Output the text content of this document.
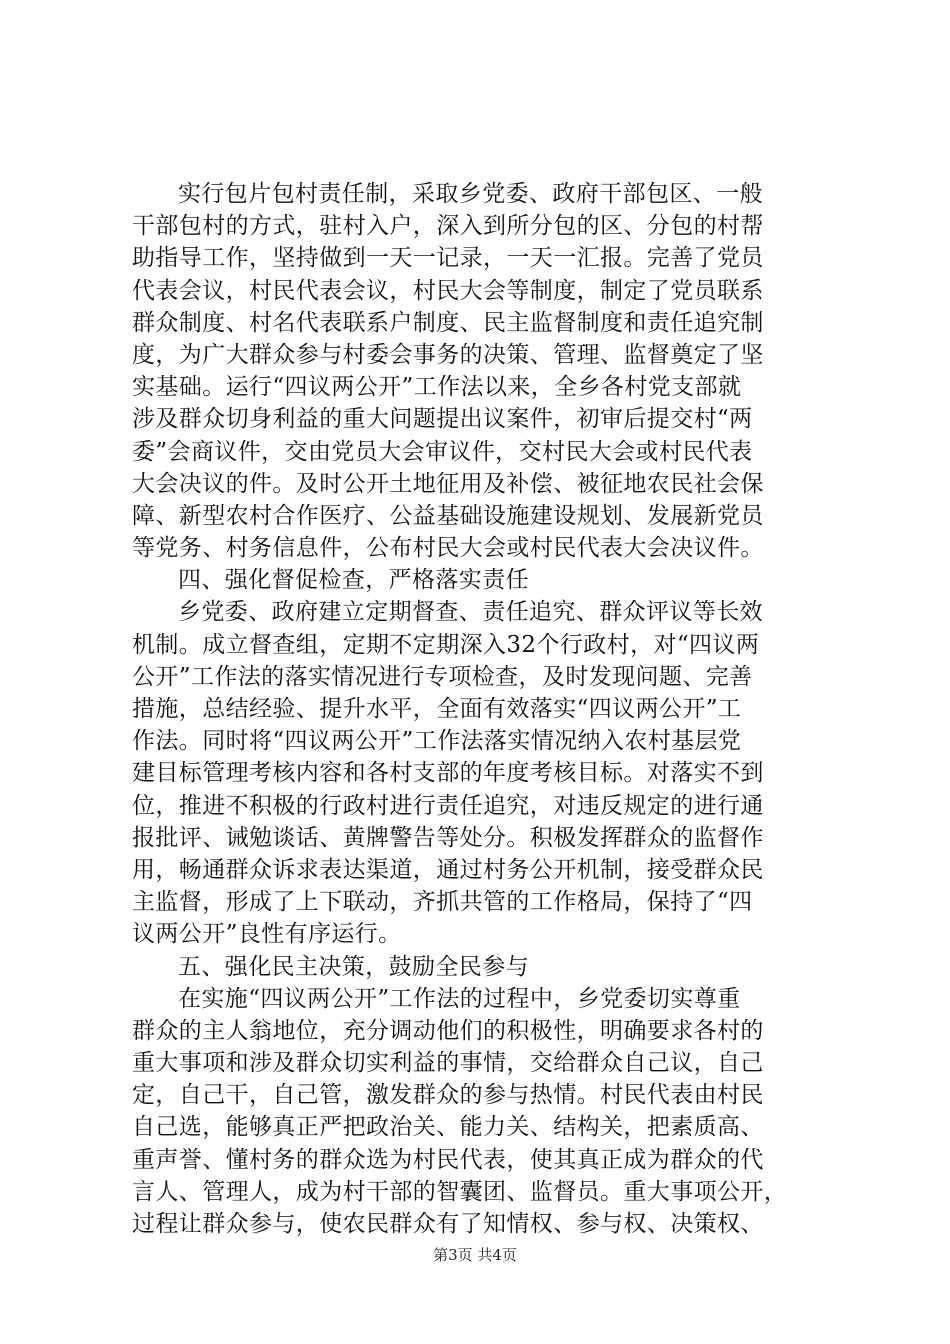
实行包片包村责任制，采取乡党委、政府干部包区、一般
干部包村的方式，驻村入户，深入到所分包的区、分包的村帮
助指导工作，坚持做到一天一记录，一天一汇报。完善了党员
代表会议，村民代表会议，村民大会等制度，制定了党员联系
群众制度、村名代表联系户制度、民主监督制度和责任追究制
度，为广大群众参与村委会事务的决策、管理、监督奠定了坚
实基础。运行“四议两公开”工作法以来，全乡各村党支部就
涉及群众切身利益的重大问题提出议案件，初审后提交村“两
委”会商议件，交由党员大会审议件，交村民大会或村民代表
大会决议的件。及时公开土地征用及补偿、被征地农民社会保
障、新型农村合作医疗、公益基础设施建设规划、发展新党员
等党务、村务信息件，公布村民大会或村民代表大会决议件。
四、强化督促检查，严格落实责任
乡党委、政府建立定期督查、责任追究、群众评议等长效
机制。成立督查组，定期不定期深入32个行政村，对“四议两
公开”工作法的落实情况进行专项检查，及时发现问题、完善
措施，总结经验、提升水平，全面有效落实“四议两公开”工
作法。同时将“四议两公开”工作法落实情况纳入农村基层党
建目标管理考核内容和各村支部的年度考核目标。对落实不到
位，推进不积极的行政村进行责任追究，对违反规定的进行通
报批评、诫勉谈话、黄牌警告等处分。积极发挥群众的监督作
用，畅通群众诉求表达渠道，通过村务公开机制，接受群众民
主监督，形成了上下联动，齐抓共管的工作格局，保持了“四
议两公开”良性有序运行。
五、强化民主决策，鼓励全民参与
在实施“四议两公开”工作法的过程中，乡党委切实尊重
群众的主人翁地位，充分调动他们的积极性，明确要求各村的
重大事项和涉及群众切实利益的事情，交给群众自己议，自己
定，自己干，自己管，激发群众的参与热情。村民代表由村民
自己选，能够真正严把政治关、能力关、结构关，把素质高、
重声誉、懂村务的群众选为村民代表，使其真正成为群众的代
言人、管理人，成为村干部的智囊团、监督员。重大事项公开，
过程让群众参与，使农民群众有了知情权、参与权、决策权、
第3页 共4页
